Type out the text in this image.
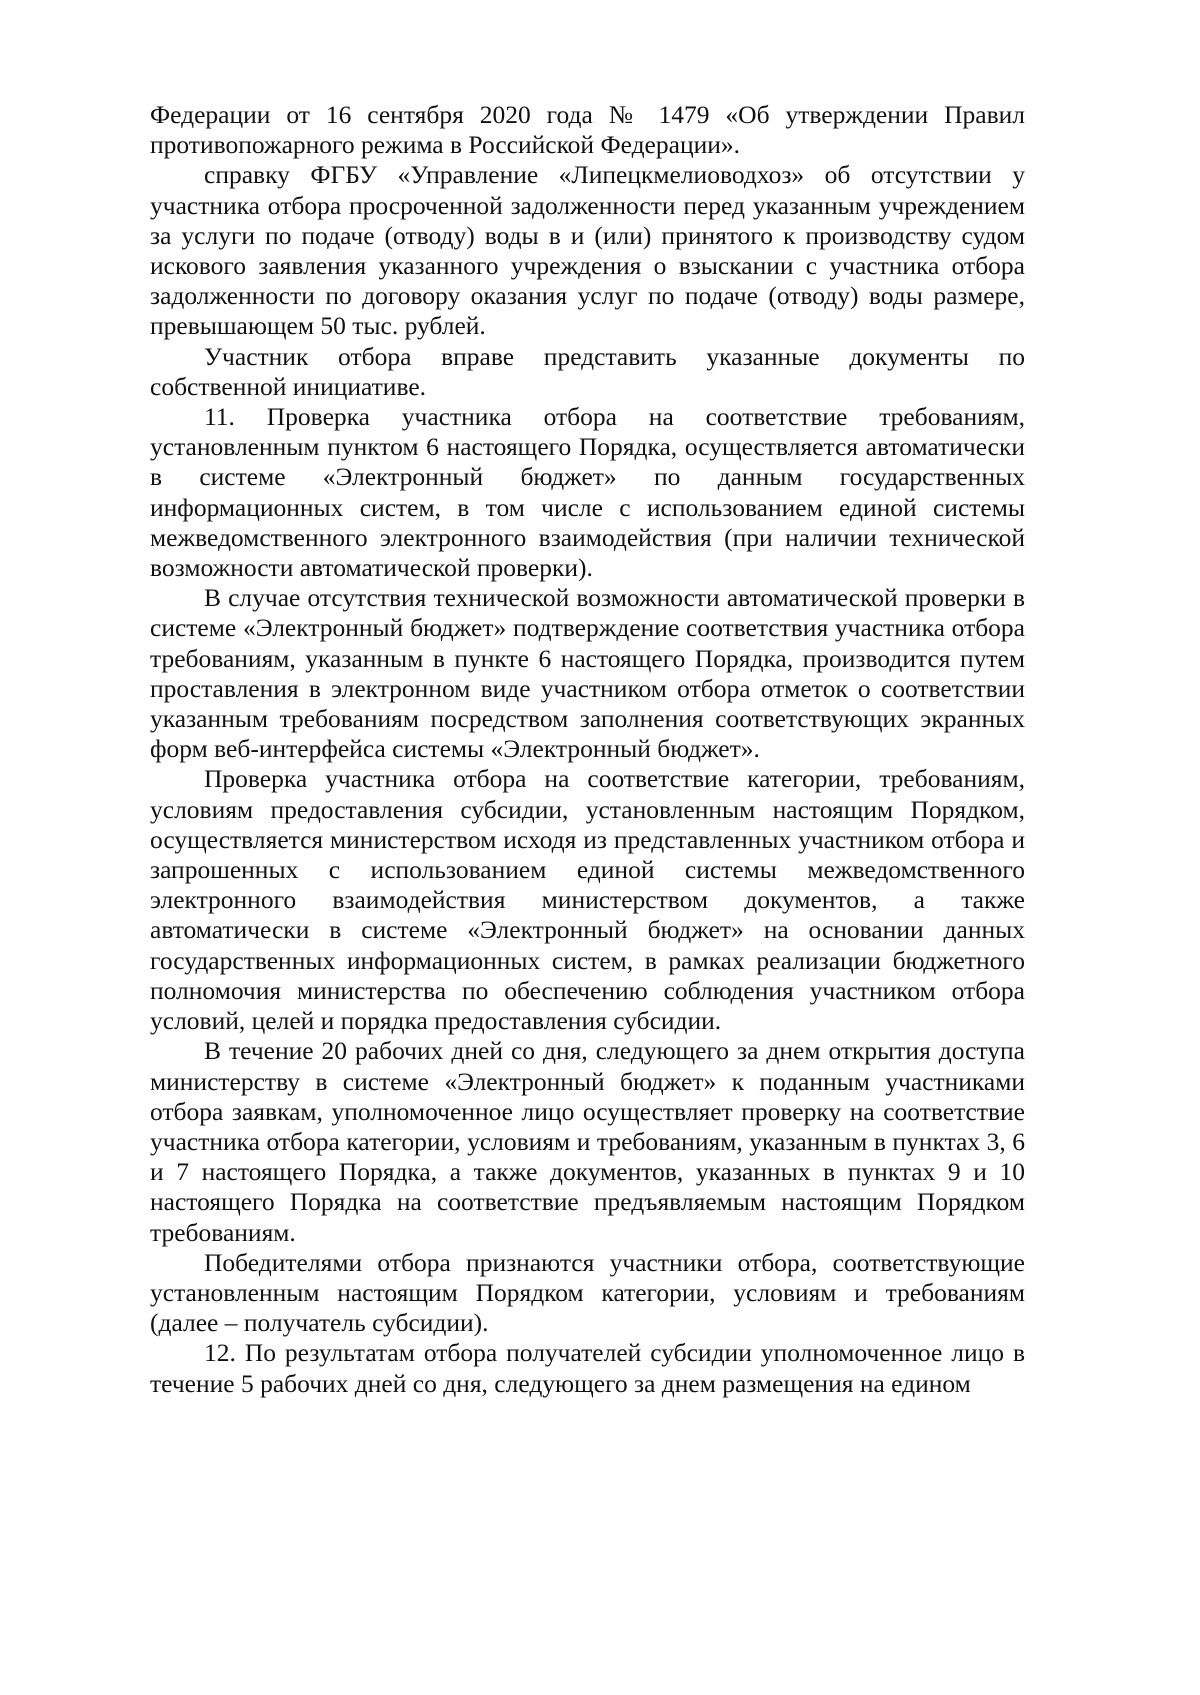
Федерации от 16 сентября 2020 года № 1479 «Об утверждении Правил противопожарного режима в Российской Федерации».

справку ФГБУ «Управление «Липецкмелиоводхоз» об отсутствии у участника отбора просроченной задолженности перед указанным учреждением за услуги по подаче (отводу) воды в и (или) принятого к производству судом искового заявления указанного учреждения о взыскании с участника отбора задолженности по договору оказания услуг по подаче (отводу) воды размере, превышающем 50 тыс. рублей.

Участник отбора вправе представить указанные документы по собственной инициативе.

11. Проверка участника отбора на соответствие требованиям, установленным пунктом 6 настоящего Порядка, осуществляется автоматически в системе «Электронный бюджет» по данным государственных информационных систем, в том числе с использованием единой системы межведомственного электронного взаимодействия (при наличии технической возможности автоматической проверки).

В случае отсутствия технической возможности автоматической проверки в системе «Электронный бюджет» подтверждение соответствия участника отбора требованиям, указанным в пункте 6 настоящего Порядка, производится путем проставления в электронном виде участником отбора отметок о соответствии указанным требованиям посредством заполнения соответствующих экранных форм веб-интерфейса системы «Электронный бюджет».

Проверка участника отбора на соответствие категории, требованиям, условиям предоставления субсидии, установленным настоящим Порядком, осуществляется министерством исходя из представленных участником отбора и запрошенных с использованием единой системы межведомственного электронного взаимодействия министерством документов, а также автоматически в системе «Электронный бюджет» на основании данных государственных информационных систем, в рамках реализации бюджетного полномочия министерства по обеспечению соблюдения участником отбора условий, целей и порядка предоставления субсидии.

В течение 20 рабочих дней со дня, следующего за днем открытия доступа министерству в системе «Электронный бюджет» к поданным участниками отбора заявкам, уполномоченное лицо осуществляет проверку на соответствие участника отбора категории, условиям и требованиям, указанным в пунктах 3, 6 и 7 настоящего Порядка, а также документов, указанных в пунктах 9 и 10 настоящего Порядка на соответствие предъявляемым настоящим Порядком требованиям.

Победителями отбора признаются участники отбора, соответствующие установленным настоящим Порядком категории, условиям и требованиям (далее – получатель субсидии).

12. По результатам отбора получателей субсидии уполномоченное лицо в течение 5 рабочих дней со дня, следующего за днем размещения на едином
